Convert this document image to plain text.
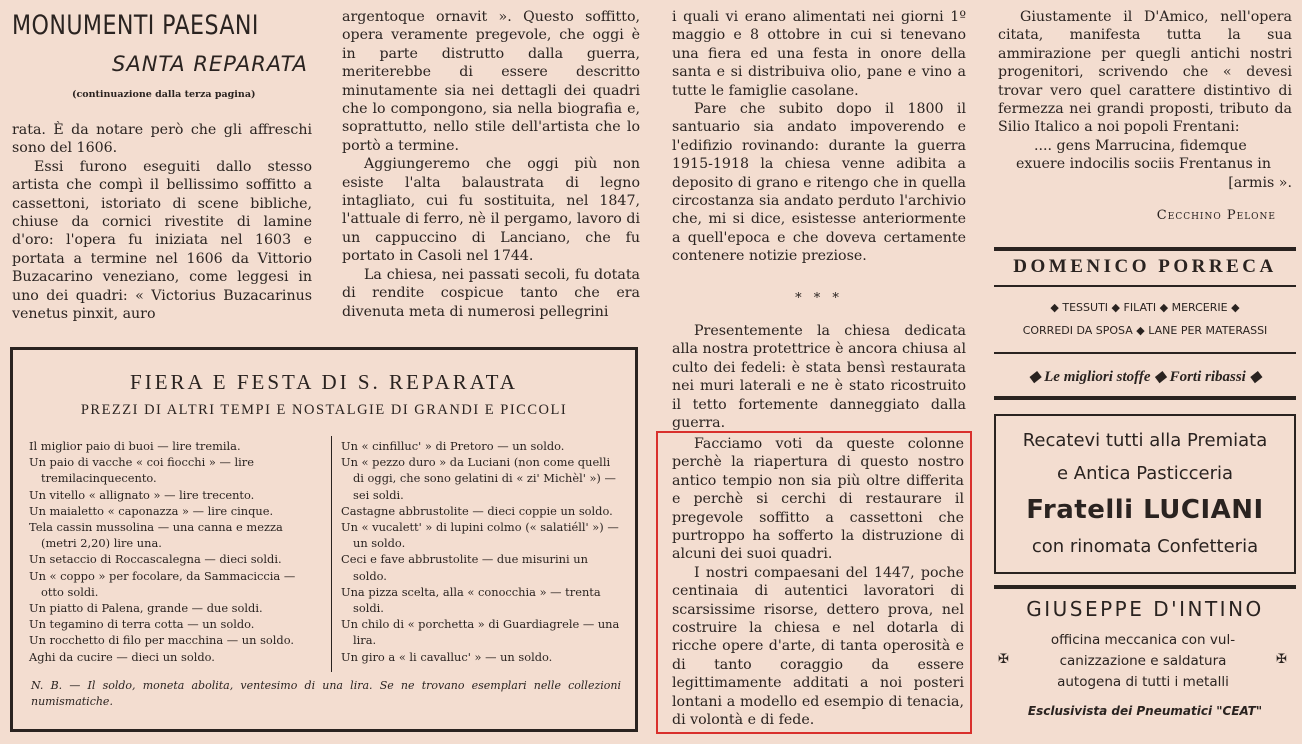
MONUMENTI PAESANI
SANTA REPARATA
(continuazione dalla terza pagina)

rata. È da notare però che gli affreschi sono del 1606.

Essi furono eseguiti dallo stesso artista che compì il bellissimo soffitto a cassettoni, istoriato di scene bibliche, chiuse da cornici rivestite di lamine d'oro: l'opera fu iniziata nel 1603 e portata a termine nel 1606 da Vittorio Buzacarino veneziano, come leggesi in uno dei quadri: « Victorius Buzacarinus venetus pinxit, auro

argentoque ornavit ». Questo soffitto, opera veramente pregevole, che oggi è in parte distrutto dalla guerra, meriterebbe di essere descritto minutamente sia nei dettagli dei quadri che lo compongono, sia nella biografia e, soprattutto, nello stile dell'artista che lo portò a termine.

Aggiungeremo che oggi più non esiste l'alta balaustrata di legno intagliato, cui fu sostituita, nel 1847, l'attuale di ferro, nè il pergamo, lavoro di un cappuccino di Lanciano, che fu portato in Casoli nel 1744.

La chiesa, nei passati secoli, fu dotata di rendite cospicue tanto che era divenuta meta di numerosi pellegrini

FIERA E FESTA DI S. REPARATA
PREZZI DI ALTRI TEMPI E NOSTALGIE DI GRANDI E PICCOLI
Il miglior paio di buoi — lire tremila.
Un paio di vacche « coi fiocchi » — lire tremilacinquecento.
Un vitello « allignato » — lire trecento.
Un maialetto « caponazza » — lire cinque.
Tela cassin mussolina — una canna e mezza (metri 2,20) lire una.
Un setaccio di Roccascalegna — dieci soldi.
Un « coppo » per focolare, da Sammaciccia — otto soldi.
Un piatto di Palena, grande — due soldi.
Un tegamino di terra cotta — un soldo.
Un rocchetto di filo per macchina — un soldo.
Aghi da cucire — dieci un soldo.
Un « cinfilluc' » di Pretoro — un soldo.
Un « pezzo duro » da Luciani (non come quelli di oggi, che sono gelatini di « zi' Michèl' ») — sei soldi.
Castagne abbrustolite — dieci coppie un soldo.
Un « vucalett' » di lupini colmo (« salatiéll' ») — un soldo.
Ceci e fave abbrustolite — due misurini un soldo.
Una pizza scelta, alla « conocchia » — trenta soldi.
Un chilo di « porchetta » di Guardiagrele — una lira.
Un giro a « li cavalluc' » — un soldo.
N. B. — Il soldo, moneta abolita, ventesimo di una lira. Se ne trovano esemplari nelle collezioni numismatiche.

i quali vi erano alimentati nei giorni 1º maggio e 8 ottobre in cui si tenevano una fiera ed una festa in onore della santa e si distribuiva olio, pane e vino a tutte le famiglie casolane.

Pare che subito dopo il 1800 il santuario sia andato impoverendo e l'edifizio rovinando: durante la guerra 1915-1918 la chiesa venne adibita a deposito di grano e ritengo che in quella circostanza sia andato perduto l'archivio che, mi si dice, esistesse anteriormente a quell'epoca e che doveva certamente contenere notizie preziose.

* * *

Presentemente la chiesa dedicata alla nostra protettrice è ancora chiusa al culto dei fedeli: è stata bensì restaurata nei muri laterali e ne è stato ricostruito il tetto fortemente danneggiato dalla guerra.

Facciamo voti da queste colonne perchè la riapertura di questo nostro antico tempio non sia più oltre differita e perchè si cerchi di restaurare il pregevole soffitto a cassettoni che purtroppo ha sofferto la distruzione di alcuni dei suoi quadri.

I nostri compaesani del 1447, poche centinaia di autentici lavoratori di scarsissime risorse, dettero prova, nel costruire la chiesa e nel dotarla di ricche opere d'arte, di tanta operosità e di tanto coraggio da essere legittimamente additati a noi posteri lontani a modello ed esempio di tenacia, di volontà e di fede.

Giustamente il D'Amico, nell'opera citata, manifesta tutta la sua ammirazione per quegli antichi nostri progenitori, scrivendo che « devesi trovar vero quel carattere distintivo di fermezza nei grandi proposti, tributo da Silio Italico a noi popoli Frentani:

.... gens Marrucina, fidemque

exuere indocilis sociis Frentanus in

[armis ».

Cecchino Pelone
DOMENICO PORRECA
◆ TESSUTI ◆ FILATI ◆ MERCERIE ◆
CORREDI DA SPOSA ◆ LANE PER MATERASSI
◆ Le migliori stoffe ◆ Forti ribassi ◆
Recatevi tutti alla Premiata
e Antica Pasticceria
Fratelli LUCIANI
con rinomata Confetteria
GIUSEPPE D'INTINO
✠	✠
officina meccanica con vul-
canizzazione e saldatura
autogena di tutti i metalli
Esclusivista dei Pneumatici "CEAT"
